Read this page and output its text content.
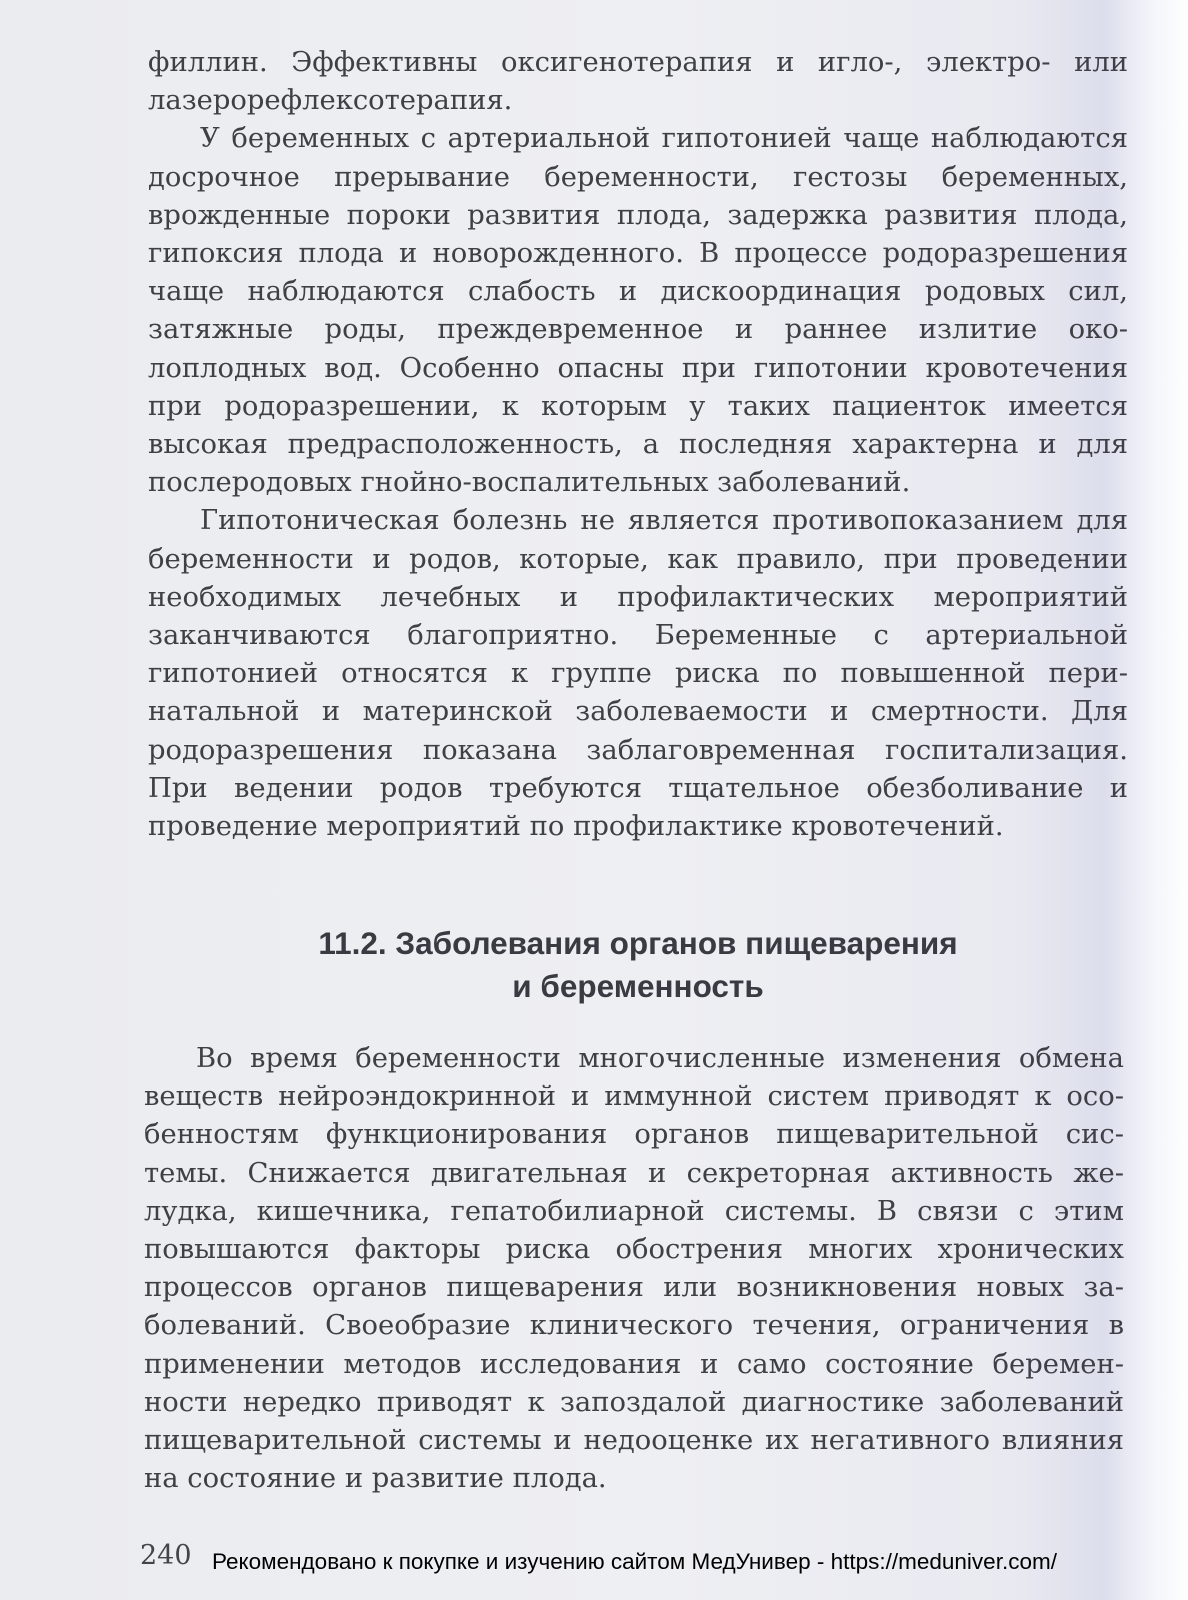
филлин. Эффективны оксигенотерапия и игло-, электро- или лазерорефлексотерапия.

У беременных с артериальной гипотонией чаще наблюдаются досрочное прерывание беременности, гестозы беременных, врожденные пороки развития плода, задержка развития плода, гипоксия плода и новорожденного. В процессе родоразрешения чаще наблюдаются слабость и дискоординация родовых сил, затяжные роды, преждевременное и раннее излитие околоплодных вод. Особенно опасны при гипотонии кровотечения при родоразрешении, к которым у таких пациенток имеется высокая предрасположенность, а последняя характерна и для послеродовых гнойно-воспалительных заболеваний.

Гипотоническая болезнь не является противопоказанием для беременности и родов, которые, как правило, при проведении необходимых лечебных и профилактических мероприятий заканчиваются благоприятно. Беременные с артериальной гипотонией относятся к группе риска по повышенной перинатальной и материнской заболеваемости и смертности. Для родоразрешения показана заблаговременная госпитализация. При ведении родов требуются тщательное обезболивание и проведение мероприятий по профилактике кровотечений.

11.2. Заболевания органов пищеварения
и беременность

Во время беременности многочисленные изменения обмена веществ нейроэндокринной и иммунной систем приводят к особенностям функционирования органов пищеварительной системы. Снижается двигательная и секреторная активность желудка, кишечника, гепатобилиарной системы. В связи с этим повышаются факторы риска обострения многих хронических процессов органов пищеварения или возникновения новых заболеваний. Своеобразие клинического течения, ограничения в применении методов исследования и само состояние беременности нередко приводят к запоздалой диагностике заболеваний пищеварительной системы и недооценке их негативного влияния на состояние и развитие плода.

240 Рекомендовано к покупке и изучению сайтом МедУнивер - https://meduniver.com/
